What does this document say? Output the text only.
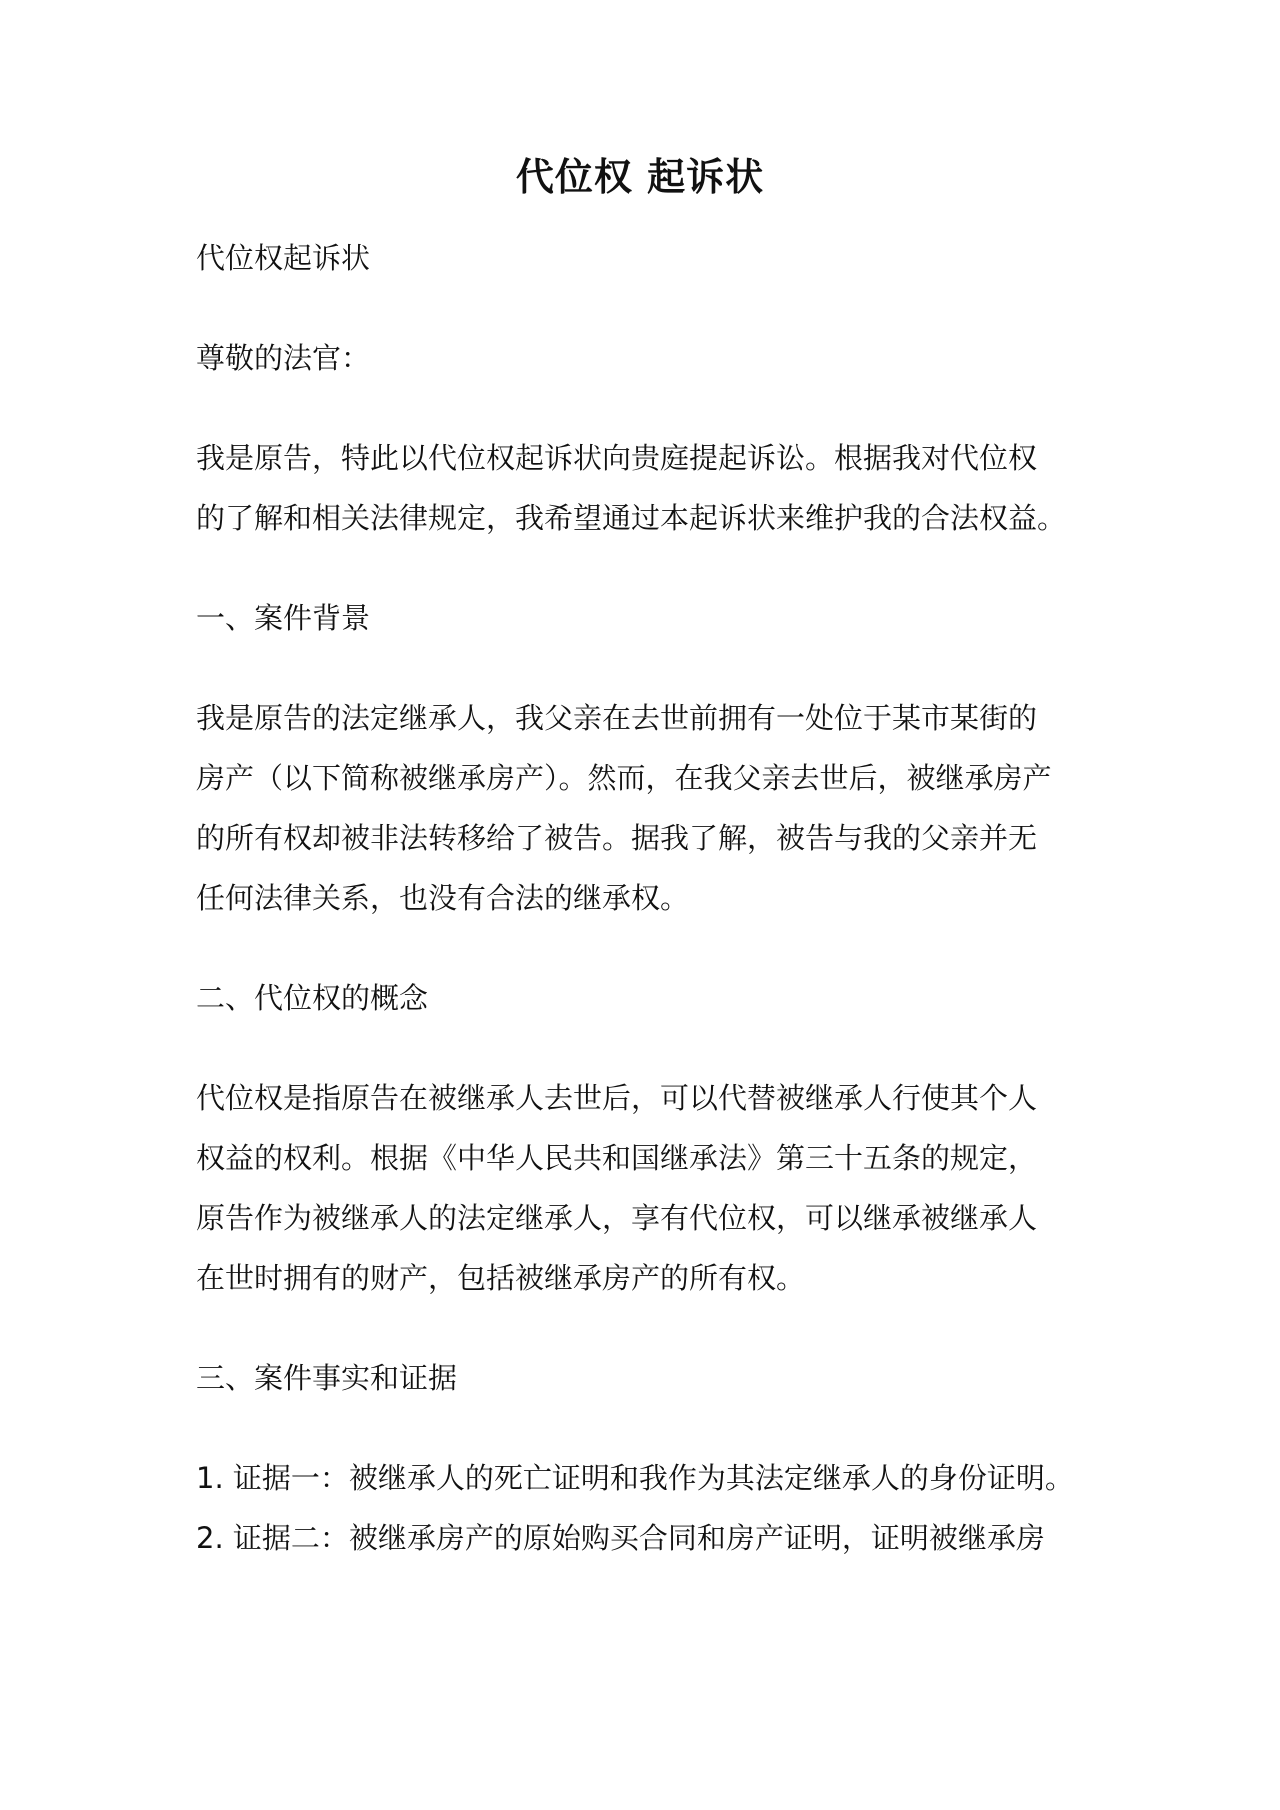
代位权 起诉状
代位权起诉状
尊敬的法官：
我是原告，特此以代位权起诉状向贵庭提起诉讼。根据我对代位权
的了解和相关法律规定，我希望通过本起诉状来维护我的合法权益。
一、案件背景
我是原告的法定继承人，我父亲在去世前拥有一处位于某市某街的
房产（以下简称被继承房产）。然而，在我父亲去世后，被继承房产
的所有权却被非法转移给了被告。据我了解，被告与我的父亲并无
任何法律关系，也没有合法的继承权。
二、代位权的概念
代位权是指原告在被继承人去世后，可以代替被继承人行使其个人
权益的权利。根据《中华人民共和国继承法》第三十五条的规定，
原告作为被继承人的法定继承人，享有代位权，可以继承被继承人
在世时拥有的财产，包括被继承房产的所有权。
三、案件事实和证据
1. 证据一：被继承人的死亡证明和我作为其法定继承人的身份证明。
2. 证据二：被继承房产的原始购买合同和房产证明，证明被继承房
